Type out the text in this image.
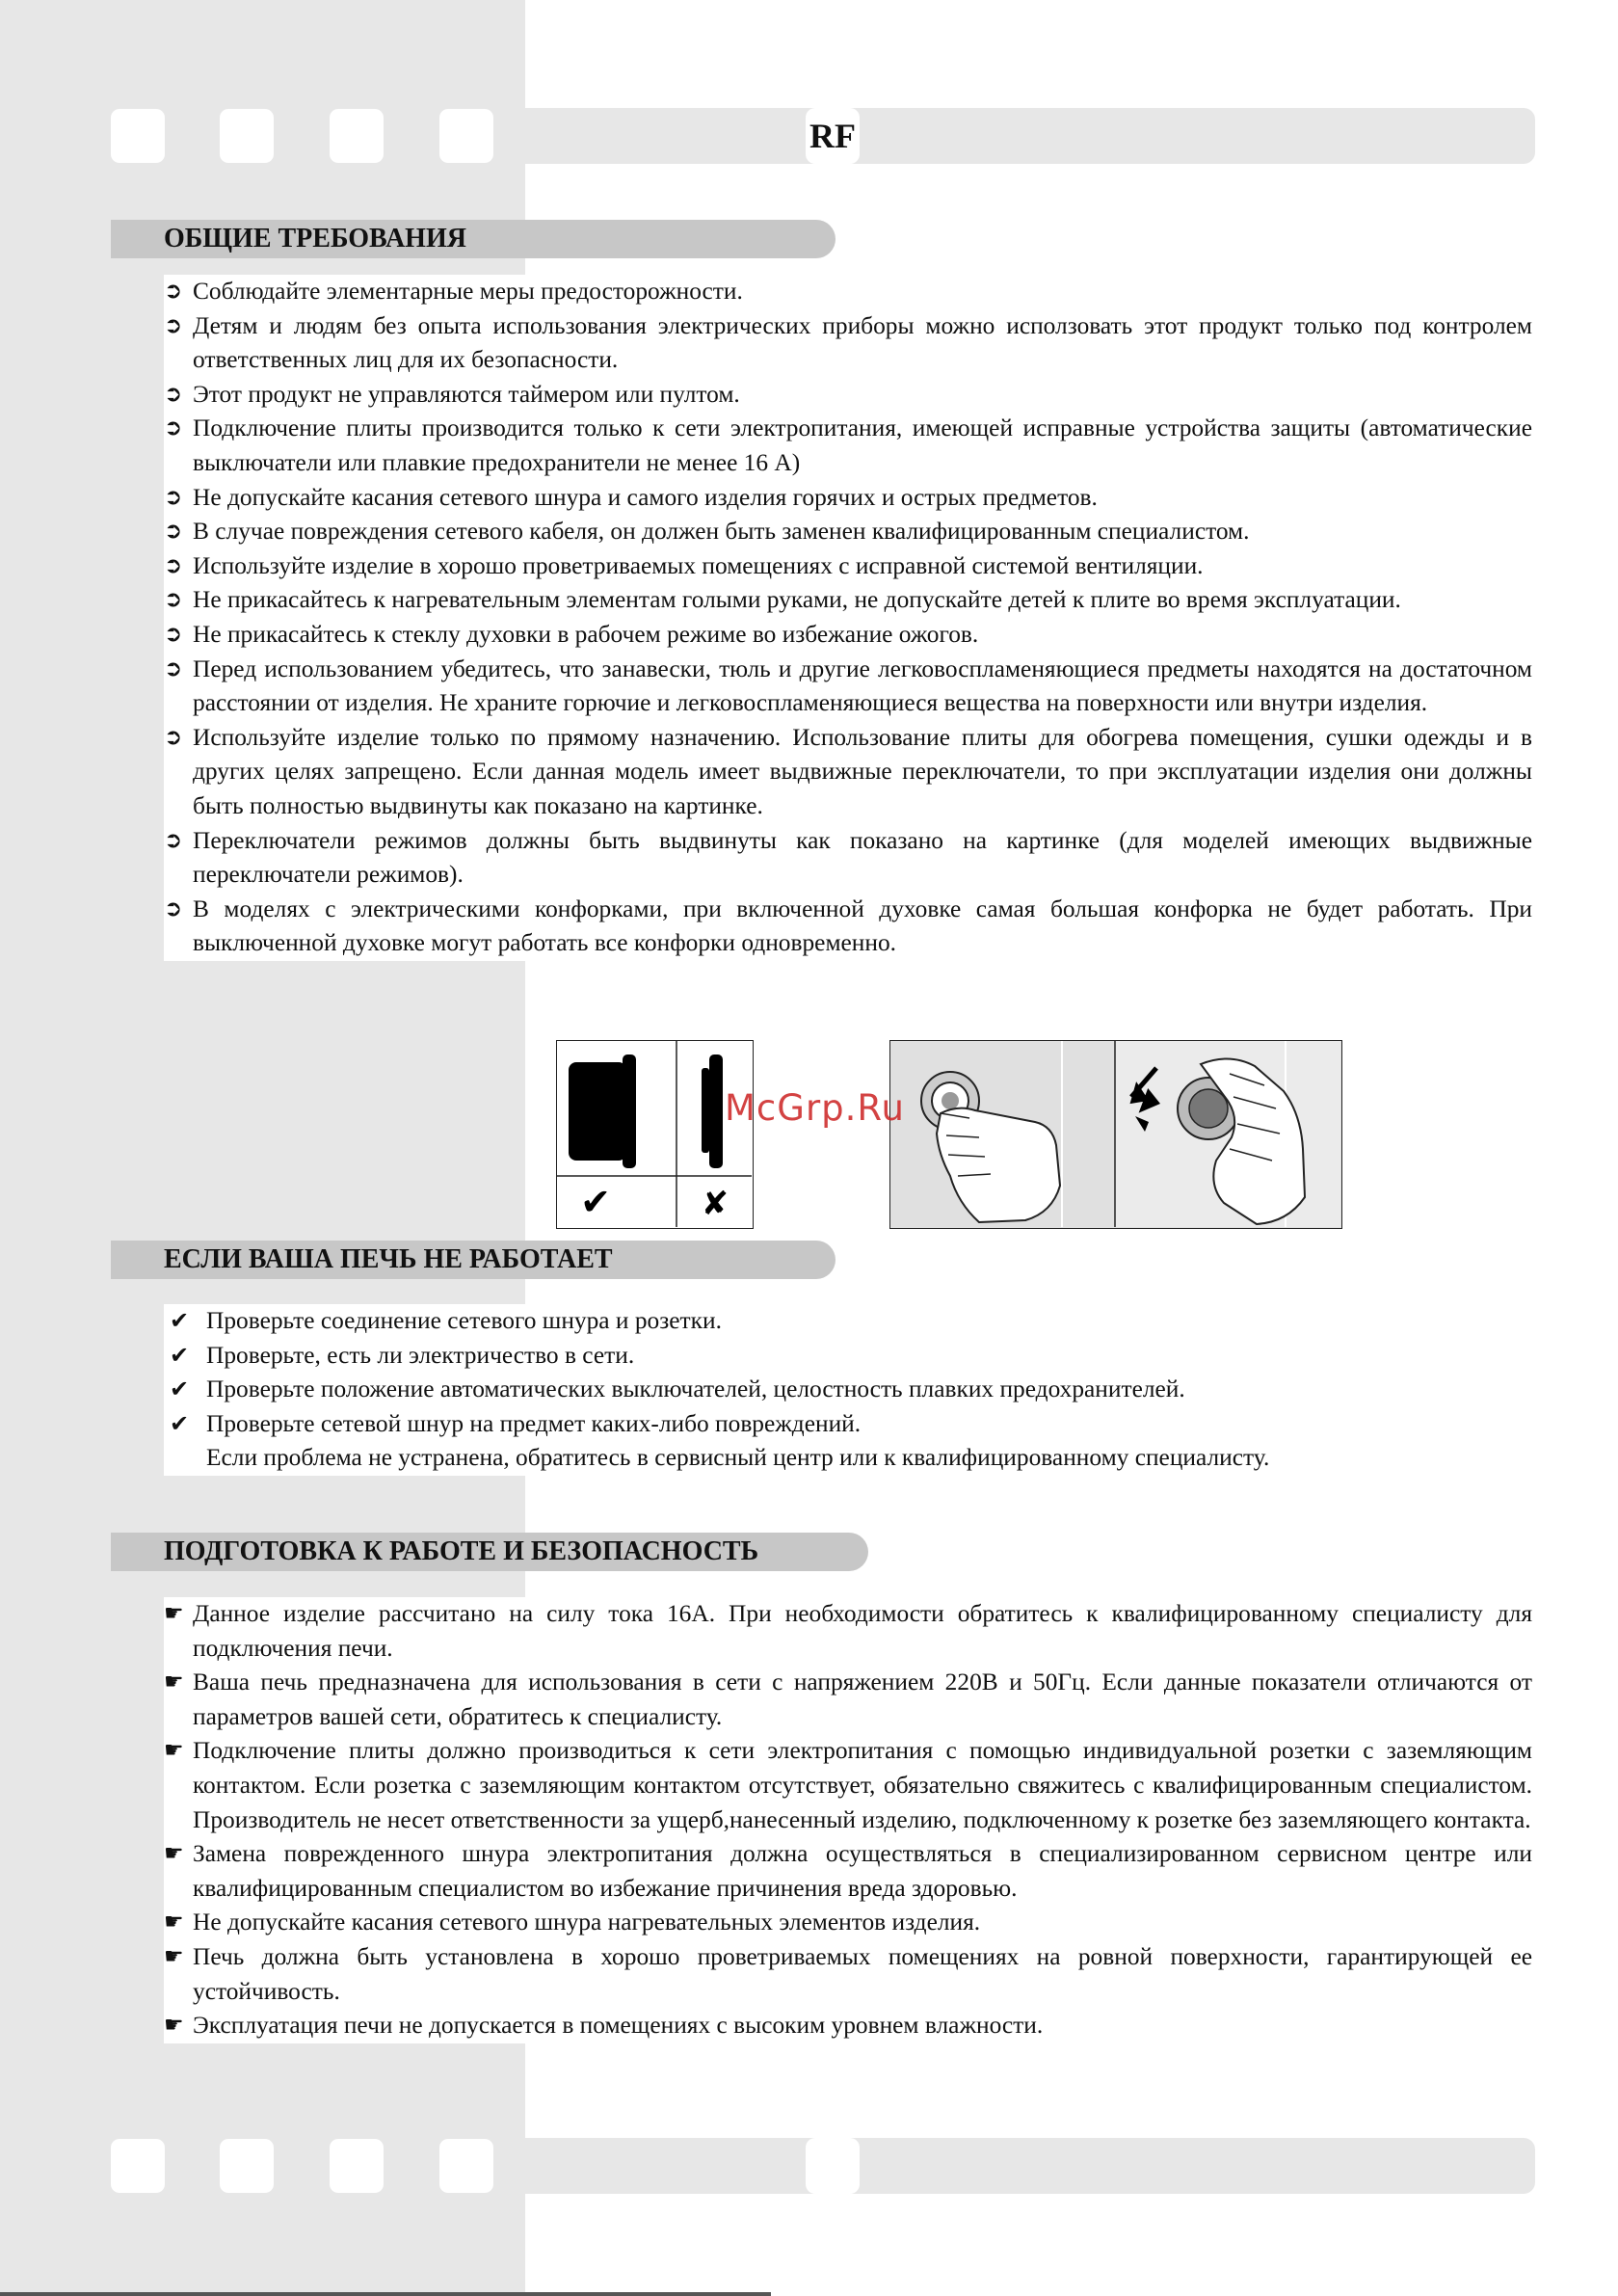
RF
ОБЩИЕ ТРЕБОВАНИЯ
➲ Соблюдайте элементарные меры предосторожности.
➲ Детям и людям без опыта использования электрических приборы можно исползовать этот продукт только под контролем ответственных лиц для их безопасности.
➲ Этот продукт не управляются таймером или пултом.
➲ Подключение плиты производится только к сети электропитания, имеющей исправные устройства защиты (автоматические выключатели или плавкие предохранители не менее 16 А)
➲ Не допускайте касания сетевого шнура и самого изделия горячих и острых предметов.
➲ В случае повреждения сетевого кабеля, он должен быть заменен квалифицированным специалистом.
➲ Используйте изделие в хорошо проветриваемых помещениях с исправной системой вентиляции.
➲ Не прикасайтесь к нагревательным элементам голыми руками, не допускайте детей к плите во время эксплуатации.
➲ Не прикасайтесь к стеклу духовки в рабочем режиме во избежание ожогов.
➲ Перед использованием убедитесь, что занавески, тюль и другие легковоспламеняющиеся предметы находятся на достаточном расстоянии от изделия. Не храните горючие и легковоспламеняющиеся вещества на поверхности или внутри изделия.
➲ Используйте изделие только по прямому назначению. Использование плиты для обогрева помещения, сушки одежды и в других целях запрещено. Если данная модель имеет выдвижные переключатели, то при эксплуатации изделия они должны быть полностью выдвинуты как показано на картинке.
➲ Переключатели режимов должны быть выдвинуты как показано на картинке (для моделей имеющих выдвижные переключатели режимов).
➲ В моделях с электрическими конфорками, при включенной духовке самая большая конфорка не будет работать. При выключенной духовке могут работать все конфорки одновременно.
✔	✘
McGrp.Ru
ЕСЛИ ВАША ПЕЧЬ НЕ РАБОТАЕТ
✔ Проверьте соединение сетевого шнура и розетки.
✔ Проверьте, есть ли электричество в сети.
✔ Проверьте положение автоматических выключателей, целостность плавких предохранителей.
✔ Проверьте сетевой шнур на предмет каких-либо повреждений.

Если проблема не устранена, обратитесь в сервисный центр или к квалифицированному специалисту.

ПОДГОТОВКА К РАБОТЕ И БЕЗОПАСНОСТЬ
☛ Данное изделие рассчитано на силу тока 16А. При необходимости обратитесь к квалифицированному специалисту для подключения печи.
☛ Ваша печь предназначена для использования в сети с напряжением 220В и 50Гц. Если данные показатели отличаются от параметров вашей сети, обратитесь к специалисту.
☛ Подключение плиты должно производиться к сети электропитания с помощью индивидуальной розетки с заземляющим контактом. Если розетка с заземляющим контактом отсутствует, обязательно свяжитесь с квалифицированным специалистом. Производитель не несет ответственности за ущерб,нанесенный изделию, подключенному к розетке без заземляющего контакта.
☛ Замена поврежденного шнура электропитания должна осуществляться в специализированном сервисном центре или квалифицированным специалистом во избежание причинения вреда здоровью.
☛ Не допускайте касания сетевого шнура нагревательных элементов изделия.
☛ Печь должна быть установлена в хорошо проветриваемых помещениях на ровной поверхности, гарантирующей ее устойчивость.
☛ Эксплуатация печи не допускается в помещениях с высоким уровнем влажности.
